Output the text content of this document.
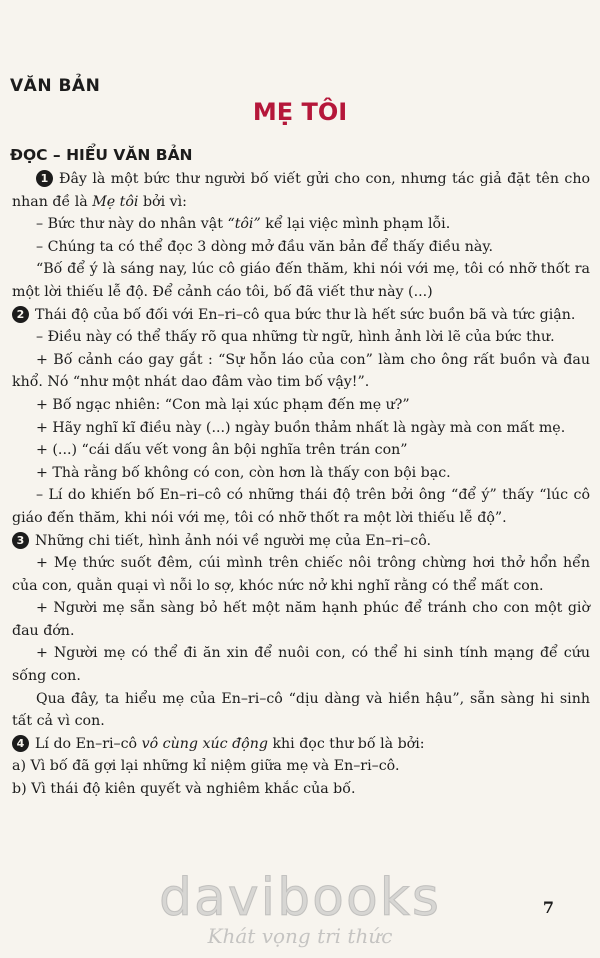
VĂN BẢN
MẸ TÔI
ĐỌC – HIỂU VĂN BẢN

1 Đây là một bức thư người bố viết gửi cho con, nhưng tác giả đặt tên cho nhan đề là Mẹ tôi bởi vì:

– Bức thư này do nhân vật “tôi” kể lại việc mình phạm lỗi.

– Chúng ta có thể đọc 3 dòng mở đầu văn bản để thấy điều này.

“Bố để ý là sáng nay, lúc cô giáo đến thăm, khi nói với mẹ, tôi có nhỡ thốt ra một lời thiếu lễ độ. Để cảnh cáo tôi, bố đã viết thư này (...)

2 Thái độ của bố đối với En–ri–cô qua bức thư là hết sức buồn bã và tức giận.

– Điều này có thể thấy rõ qua những từ ngữ, hình ảnh lời lẽ của bức thư.

+ Bố cảnh cáo gay gắt : “Sự hỗn láo của con” làm cho ông rất buồn và đau khổ. Nó “như một nhát dao đâm vào tim bố vậy!”.

+ Bố ngạc nhiên: “Con mà lại xúc phạm đến mẹ ư?”

+ Hãy nghĩ kĩ điều này (...) ngày buồn thảm nhất là ngày mà con mất mẹ.

+ (...) “cái dấu vết vong ân bội nghĩa trên trán con”

+ Thà rằng bố không có con, còn hơn là thấy con bội bạc.

– Lí do khiến bố En–ri–cô có những thái độ trên bởi ông “để ý” thấy “lúc cô giáo đến thăm, khi nói với mẹ, tôi có nhỡ thốt ra một lời thiếu lễ độ”.

3 Những chi tiết, hình ảnh nói về người mẹ của En–ri–cô.

+ Mẹ thức suốt đêm, cúi mình trên chiếc nôi trông chừng hơi thở hổn hển của con, quằn quại vì nỗi lo sợ, khóc nức nở khi nghĩ rằng có thể mất con.

+ Người mẹ sẵn sàng bỏ hết một năm hạnh phúc để tránh cho con một giờ đau đớn.

+ Người mẹ có thể đi ăn xin để nuôi con, có thể hi sinh tính mạng để cứu sống con.

Qua đây, ta hiểu mẹ của En–ri–cô “dịu dàng và hiền hậu”, sẵn sàng hi sinh tất cả vì con.

4 Lí do En–ri–cô vô cùng xúc động khi đọc thư bố là bởi:

a) Vì bố đã gợi lại những kỉ niệm giữa mẹ và En–ri–cô.

b) Vì thái độ kiên quyết và nghiêm khắc của bố.

davibooks
Khát vọng tri thức
7
